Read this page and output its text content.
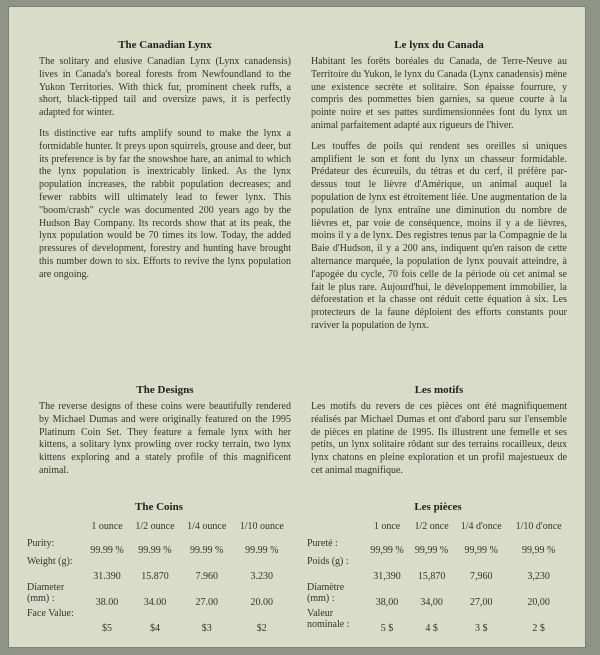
The Canadian Lynx

The solitary and elusive Canadian Lynx (Lynx canadensis) lives in Canada's boreal forests from Newfoundland to the Yukon Territories. With thick fur, prominent cheek ruffs, a short, black-tipped tail and oversize paws, it is perfectly adapted for winter.

Its distinctive ear tufts amplify sound to make the lynx a formidable hunter. It preys upon squirrels, grouse and deer, but its preference is by far the snowshoe hare, an animal to which the lynx population is inextricably linked. As the lynx population increases, the rabbit population decreases; and fewer rabbits will ultimately lead to fewer lynx. This "boom/crash" cycle was documented 200 years ago by the Hudson Bay Company. Its records show that at its peak, the lynx population would be 70 times its low. Today, the added pressures of development, forestry and hunting have brought this number down to six. Efforts to revive the lynx population are ongoing.

The Designs

The reverse designs of these coins were beautifully rendered by Michael Dumas and were originally featured on the 1995 Platinum Coin Set. They feature a female lynx with her kittens, a solitary lynx prowling over rocky terrain, two lynx kittens exploring and a stately profile of this magnificent animal.

The Coins
	1 ounce	1/2 ounce	1/4 ounce	1/10 ounce
Purity:	99.99 %	99.99 %	99.99 %	99.99 %
Weight (g):	31.390	15.870	7.960	3.230
Diameter (mm) :	38.00	34.00	27.00	20.00
Face Value:	$5	$4	$3	$2
Le lynx du Canada

Habitant les forêts boréales du Canada, de Terre-Neuve au Territoire du Yukon, le lynx du Canada (Lynx canadensis) mène une existence secrète et solitaire. Son épaisse fourrure, y compris des pommettes bien garnies, sa queue courte à la pointe noire et ses pattes surdimensionnées font du lynx un animal parfaitement adapté aux rigueurs de l'hiver.

Les touffes de poils qui rendent ses oreilles si uniques amplifient le son et font du lynx un chasseur formidable. Prédateur des écureuils, du tétras et du cerf, il préfère par-dessus tout le lièvre d'Amérique, un animal auquel la population de lynx est étroitement liée. Une augmentation de la population de lynx entraîne une diminution du nombre de lièvres et, par voie de conséquence, moins il y a de lièvres, moins il y a de lynx. Des registres tenus par la Compagnie de la Baie d'Hudson, il y a 200 ans, indiquent qu'en raison de cette alternance marquée, la population de lynx pouvait atteindre, à l'apogée du cycle, 70 fois celle de la période où cet animal se fait le plus rare. Aujourd'hui, le développement immobilier, la déforestation et la chasse ont réduit cette équation à six. Les protecteurs de la faune déploient des efforts constants pour raviver la population de lynx.

Les motifs

Les motifs du revers de ces pièces ont été magnifiquement réalisés par Michael Dumas et ont d'abord paru sur l'ensemble de pièces en platine de 1995. Ils illustrent une femelle et ses petits, un lynx solitaire rôdant sur des terrains rocailleux, deux lynx chatons en pleine exploration et un profil majestueux de cet animal magnifique.

Les pièces
	1 once	1/2 once	1/4 d'once	1/10 d'once
Pureté :	99,99 %	99,99 %	99,99 %	99,99 %
Poids (g) :	31,390	15,870	7,960	3,230
Diamètre (mm) :	38,00	34,00	27,00	20,00
Valeur nominale :	5 $	4 $	3 $	2 $
